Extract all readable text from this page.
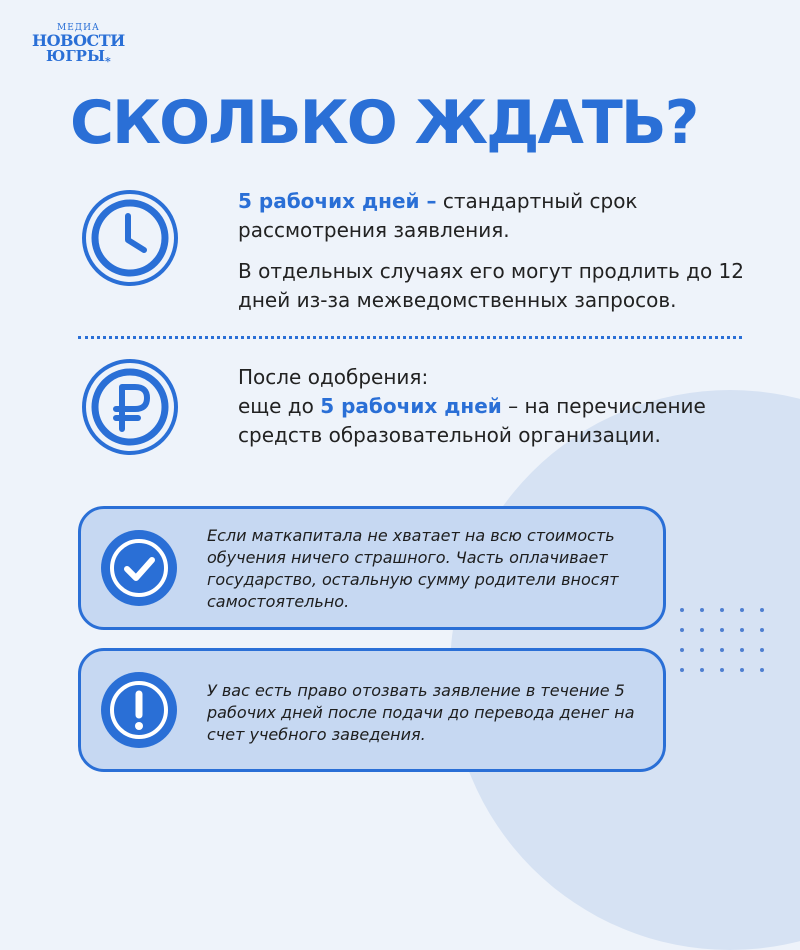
МЕДИА
НОВОСТИ
$ЮГРЫ_*$
СКОЛЬКО ЖДАТЬ?

5 рабочих дней – стандартный срок рассмотрения заявления.

В отдельных случаях его могут продлить до 12 дней из-за межведомственных запросов.

После одобрения:

еще до 5 рабочих дней – на перечисление средств образовательной организации.

Если маткапитала не хватает на всю стоимость обучения ничего страшного. Часть оплачивает государство, остальную сумму родители вносят самостоятельно.
У вас есть право отозвать заявление в течение 5 рабочих дней после подачи до перевода денег на счет учебного заведения.
